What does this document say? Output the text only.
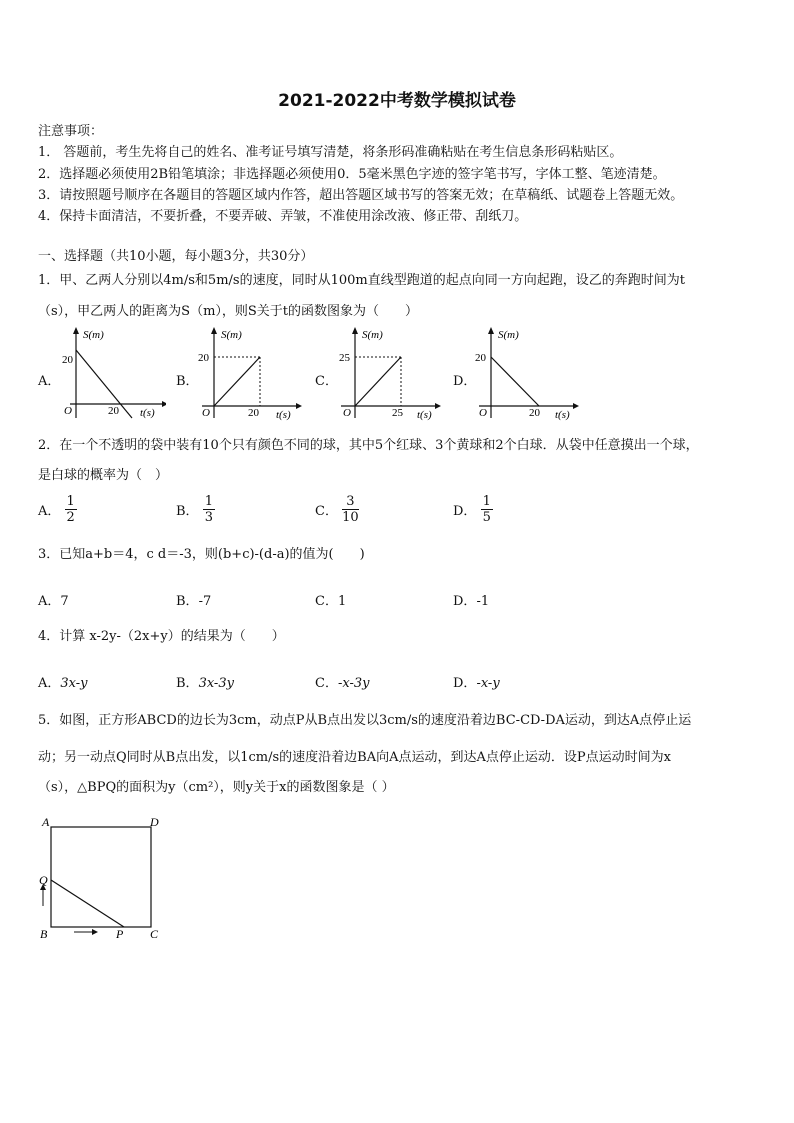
2021-2022中考数学模拟试卷
注意事项：
1． 答题前，考生先将自己的姓名、准考证号填写清楚，将条形码准确粘贴在考生信息条形码粘贴区。
2．选择题必须使用2B铅笔填涂；非选择题必须使用0．5毫米黑色字迹的签字笔书写，字体工整、笔迹清楚。
3．请按照题号顺序在各题目的答题区域内作答，超出答题区域书写的答案无效；在草稿纸、试题卷上答题无效。
4．保持卡面清洁，不要折叠，不要弄破、弄皱，不准使用涂改液、修正带、刮纸刀。
一、选择题（共10小题，每小题3分，共30分）
1．甲、乙两人分别以4m/s和5m/s的速度，同时从100m直线型跑道的起点向同一方向起跑，设乙的奔跑时间为t
（s），甲乙两人的距离为S（m），则S关于t的函数图象为（　　）
A．
S(m)
20
O	20 t(s)
B．
S(m)
20
O	20 t(s)
C．
S(m)
25
O	25 t(s)
D．
S(m)
20
O	20 t(s)
2．在一个不透明的袋中装有10个只有颜色不同的球，其中5个红球、3个黄球和2个白球．从袋中任意摸出一个球，
是白球的概率为（　）
A． $\frac{1}{2}$	B． $\frac{1}{3}$	C． $\frac{3}{10}$	D． $\frac{1}{5}$
3．已知a+b＝4，c d＝-3，则(b+c)-(d-a)的值为(　　)
A．7	B．-7	C．1	D．-1
4．计算 x-2y-（2x+y）的结果为（　　）
A．3x-y	B．3x-3y	C．-x-3y	D．-x-y
5．如图，正方形ABCD的边长为3cm，动点P从B点出发以3cm/s的速度沿着边BC-CD-DA运动，到达A点停止运
动；另一动点Q同时从B点出发，以1cm/s的速度沿着边BA向A点运动，到达A点停止运动．设P点运动时间为x
（s），△BPQ的面积为y（cm²），则y关于x的函数图象是（ ）
A	D
Q
B	P C
